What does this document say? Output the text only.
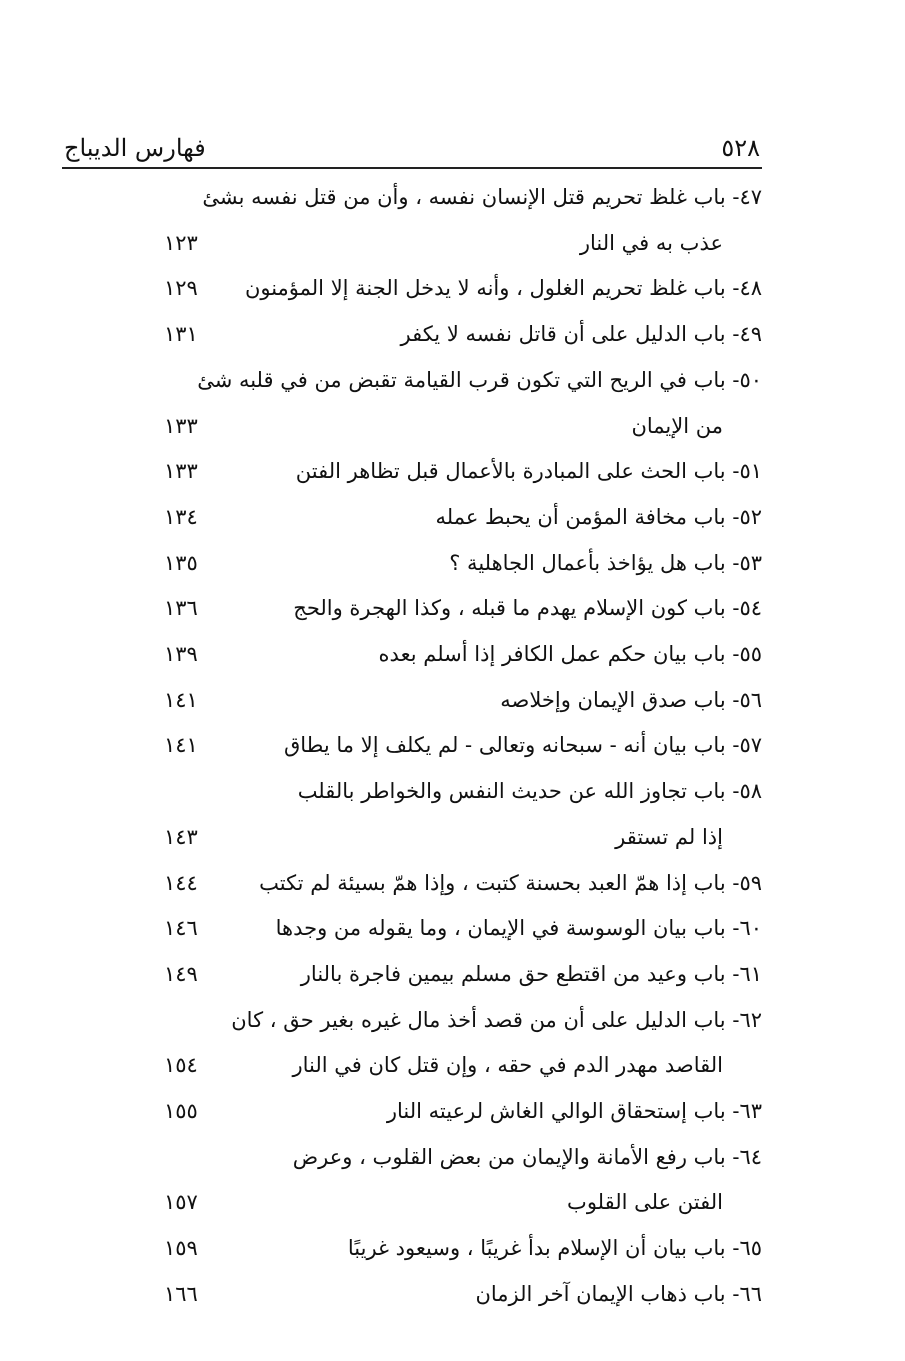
فهارس الديباج	٥٢٨
٤٧- باب غلظ تحريم قتل الإنسان نفسه ، وأن من قتل نفسه بشئ
عذب به في النار
١٢٣
٤٨- باب غلظ تحريم الغلول ، وأنه لا يدخل الجنة إلا المؤمنون
١٢٩
٤٩- باب الدليل على أن قاتل نفسه لا يكفر
١٣١
٥٠- باب في الريح التي تكون قرب القيامة تقبض من في قلبه شئ
من الإيمان
١٣٣
٥١- باب الحث على المبادرة بالأعمال قبل تظاهر الفتن
١٣٣
٥٢- باب مخافة المؤمن أن يحبط عمله
١٣٤
٥٣- باب هل يؤاخذ بأعمال الجاهلية ؟
١٣٥
٥٤- باب كون الإسلام يهدم ما قبله ، وكذا الهجرة والحج
١٣٦
٥٥- باب بيان حكم عمل الكافر إذا أسلم بعده
١٣٩
٥٦- باب صدق الإيمان وإخلاصه
١٤١
٥٧- باب بيان أنه - سبحانه وتعالى - لم يكلف إلا ما يطاق
١٤١
٥٨- باب تجاوز الله عن حديث النفس والخواطر بالقلب
إذا لم تستقر
١٤٣
٥٩- باب إذا همّ العبد بحسنة كتبت ، وإذا همّ بسيئة لم تكتب
١٤٤
٦٠- باب بيان الوسوسة في الإيمان ، وما يقوله من وجدها
١٤٦
٦١- باب وعيد من اقتطع حق مسلم بيمين فاجرة بالنار
١٤٩
٦٢- باب الدليل على أن من قصد أخذ مال غيره بغير حق ، كان
القاصد مهدر الدم في حقه ، وإن قتل كان في النار
١٥٤
٦٣- باب إستحقاق الوالي الغاش لرعيته النار
١٥٥
٦٤- باب رفع الأمانة والإيمان من بعض القلوب ، وعرض
الفتن على القلوب
١٥٧
٦٥- باب بيان أن الإسلام بدأ غريبًا ، وسيعود غريبًا
١٥٩
٦٦- باب ذهاب الإيمان آخر الزمان
١٦٦
